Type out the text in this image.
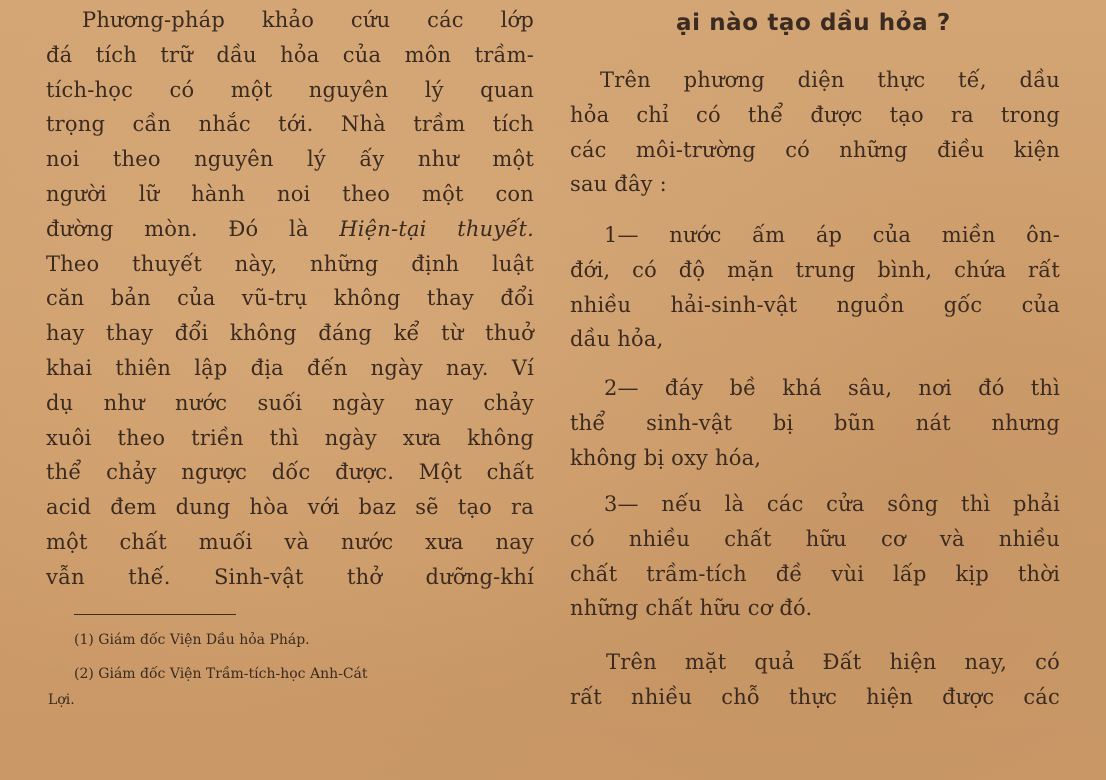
Phương-pháp khảo cứu các lớp
đá tích trữ dầu hỏa của môn trầm-
tích-học có một nguyên lý quan
trọng cần nhắc tới. Nhà trầm tích
noi theo nguyên lý ấy như một
người lữ hành noi theo một con
đường mòn. Đó là Hiện-tại thuyết.
Theo thuyết này, những định luật
căn bản của vũ-trụ không thay đổi
hay thay đổi không đáng kể từ thuở
khai thiên lập địa đến ngày nay. Ví
dụ như nước suối ngày nay chảy
xuôi theo triền thì ngày xưa không
thể chảy ngược dốc được. Một chất
acid đem dung hòa với baz sẽ tạo ra
một chất muối và nước xưa nay
vẫn thế. Sinh-vật thở dưỡng-khí
(1) Giám đốc Viện Dầu hỏa Pháp.
(2) Giám đốc Viện Trầm-tích-học Anh-Cát
Lợi.
ại nào tạo dầu hỏa ?
Trên phương diện thực tế, dầu
hỏa chỉ có thể được tạo ra trong
các môi-trường có những điều kiện
sau đây :
1— nước ấm áp của miền ôn-
đới, có độ mặn trung bình, chứa rất
nhiều hải-sinh-vật nguồn gốc của
dầu hỏa,
2— đáy bề khá sâu, nơi đó thì
thể sinh-vật bị bũn nát nhưng
không bị oxy hóa,
3— nếu là các cửa sông thì phải
có nhiều chất hữu cơ và nhiều
chất trầm-tích đề vùi lấp kịp thời
những chất hữu cơ đó.
Trên mặt quả Đất hiện nay, có
rất nhiều chỗ thực hiện được các
